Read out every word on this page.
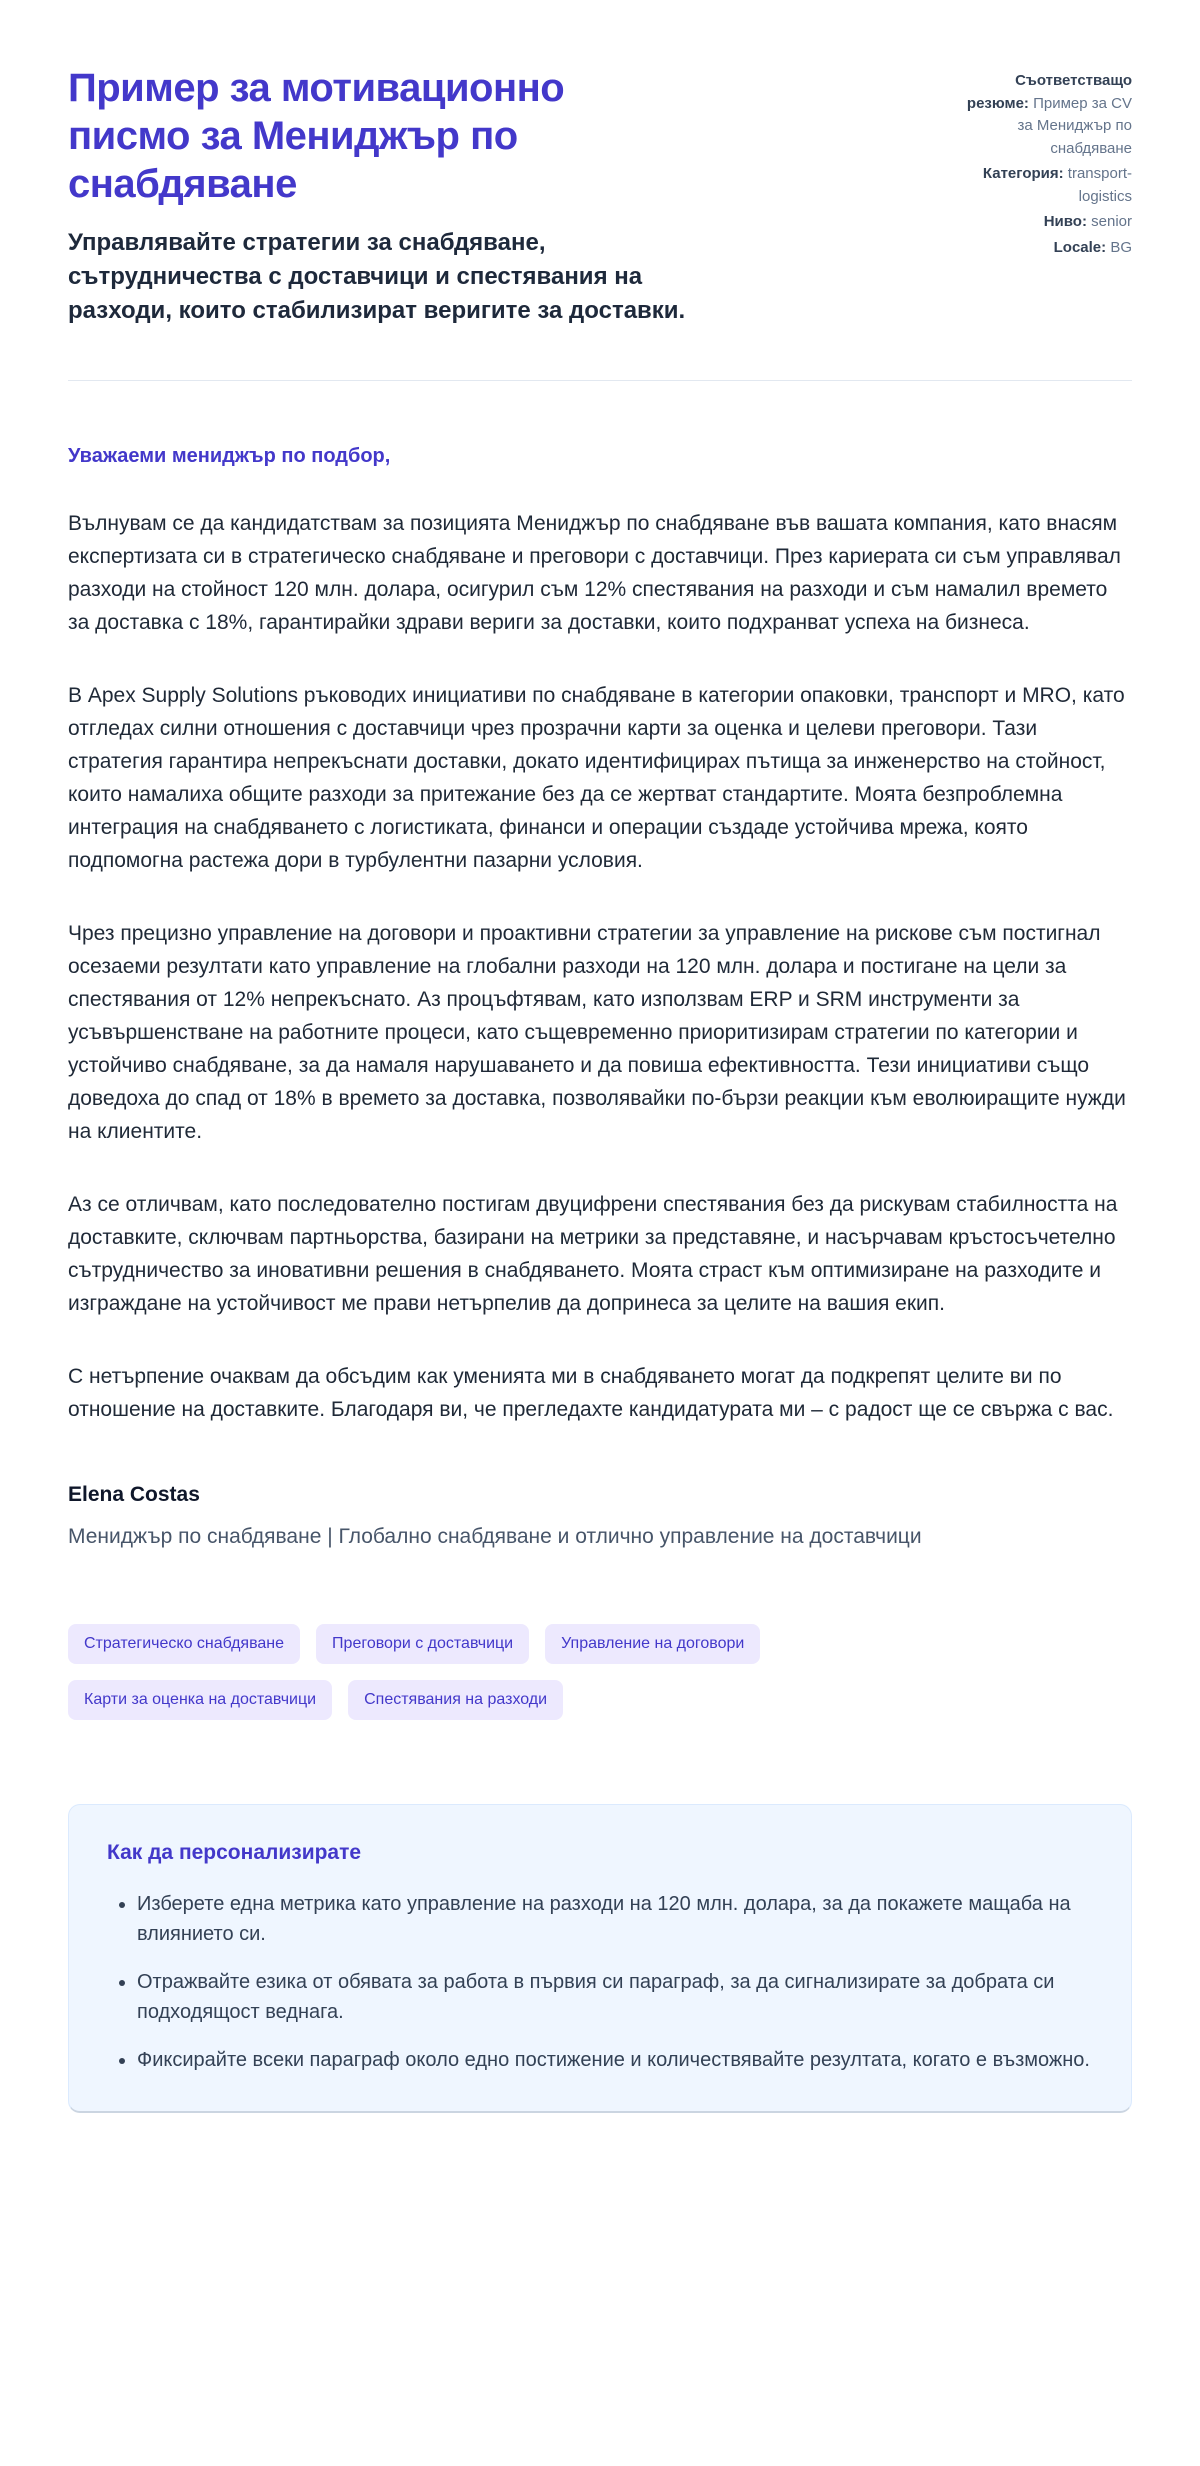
Пример за мотивационно писмо за Мениджър по снабдяване

Управлявайте стратегии за снабдяване, сътрудничества с доставчици и спестявания на разходи, които стабилизират веригите за доставки.

Съответстващо резюме: Пример за CV за Мениджър по снабдяване
Категория: transport-logistics
Ниво: senior
Locale: BG

Уважаеми мениджър по подбор,

Вълнувам се да кандидатствам за позицията Мениджър по снабдяване във вашата компания, като внасям експертизата си в стратегическо снабдяване и преговори с доставчици. През кариерата си съм управлявал разходи на стойност 120 млн. долара, осигурил съм 12% спестявания на разходи и съм намалил времето за доставка с 18%, гарантирайки здрави вериги за доставки, които подхранват успеха на бизнеса.

В Apex Supply Solutions ръководих инициативи по снабдяване в категории опаковки, транспорт и MRO, като отгледах силни отношения с доставчици чрез прозрачни карти за оценка и целеви преговори. Тази стратегия гарантира непрекъснати доставки, докато идентифицирах пътища за инженерство на стойност, които намалиха общите разходи за притежание без да се жертват стандартите. Моята безпроблемна интеграция на снабдяването с логистиката, финанси и операции създаде устойчива мрежа, която подпомогна растежа дори в турбулентни пазарни условия.

Чрез прецизно управление на договори и проактивни стратегии за управление на рискове съм постигнал осезаеми резултати като управление на глобални разходи на 120 млн. долара и постигане на цели за спестявания от 12% непрекъснато. Аз процъфтявам, като използвам ERP и SRM инструменти за усъвършенстване на работните процеси, като същевременно приоритизирам стратегии по категории и устойчиво снабдяване, за да намаля нарушаването и да повиша ефективността. Тези инициативи също доведоха до спад от 18% в времето за доставка, позволявайки по-бързи реакции към еволюиращите нужди на клиентите.

Аз се отличвам, като последователно постигам двуцифрени спестявания без да рискувам стабилността на доставките, сключвам партньорства, базирани на метрики за представяне, и насърчавам кръстосъчетелно сътрудничество за иновативни решения в снабдяването. Моята страст към оптимизиране на разходите и изграждане на устойчивост ме прави нетърпелив да допринеса за целите на вашия екип.

С нетърпение очаквам да обсъдим как уменията ми в снабдяването могат да подкрепят целите ви по отношение на доставките. Благодаря ви, че прегледахте кандидатурата ми – с радост ще се свържа с вас.

Elena Costas

Мениджър по снабдяване | Глобално снабдяване и отлично управление на доставчици

Стратегическо снабдяване	Преговори с доставчици	Управление на договори
Карти за оценка на доставчици	Спестявания на разходи
Как да персонализирате
• Изберете една метрика като управление на разходи на 120 млн. долара, за да покажете мащаба на влиянието си.
• Отражвайте езика от обявата за работа в първия си параграф, за да сигнализирате за добрата си подходящост веднага.
• Фиксирайте всеки параграф около едно постижение и количествявайте резултата, когато е възможно.
